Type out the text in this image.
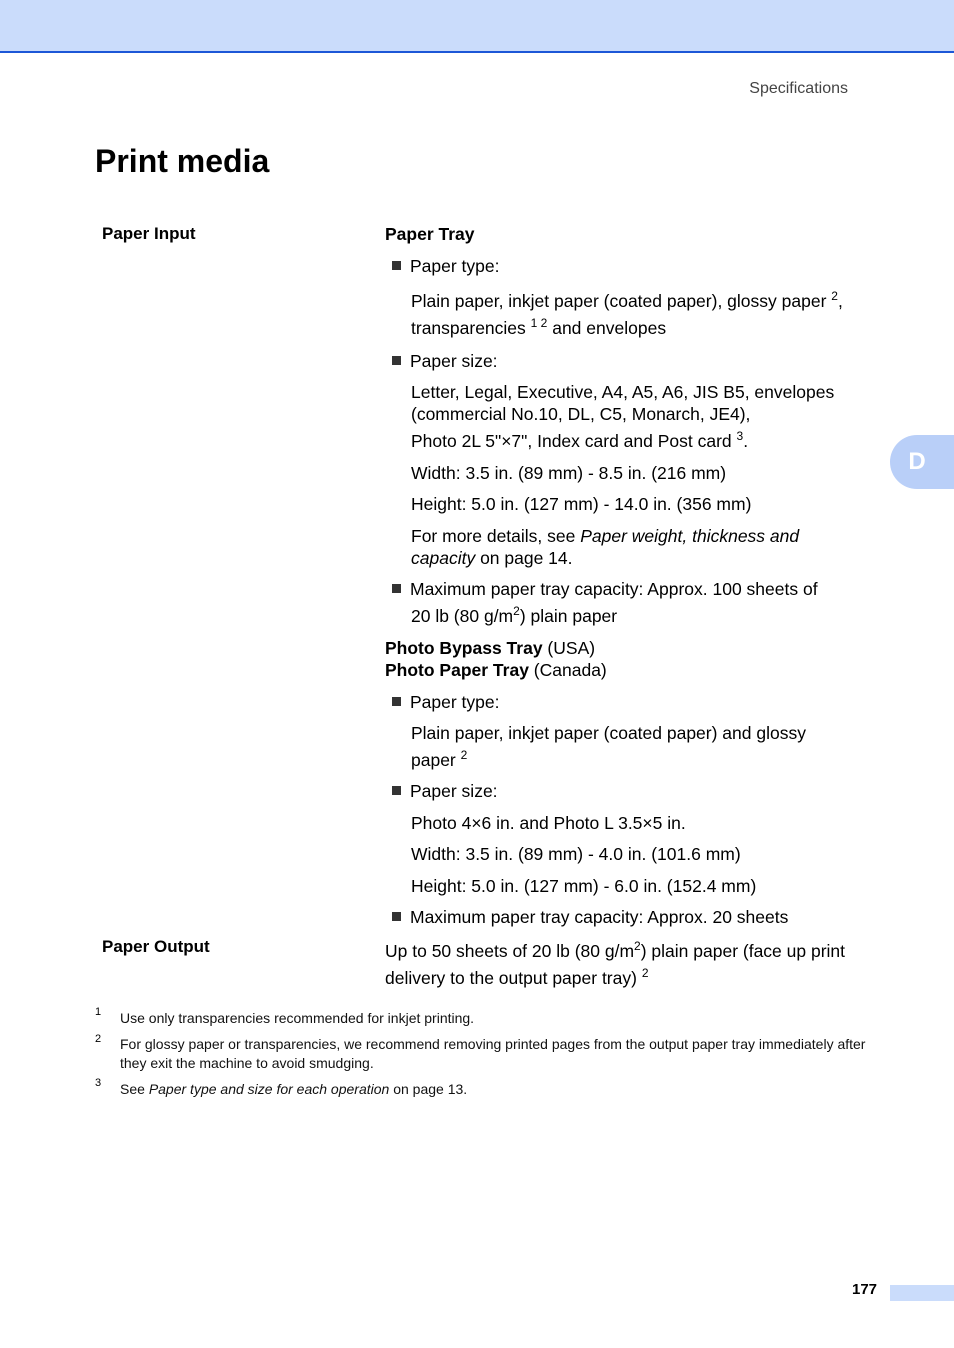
Specifications
Print media
D
Paper Input	Paper Tray
Paper type:
Plain paper, inkjet paper (coated paper), glossy paper $^2$,
transparencies $^{1 2}$ and envelopes
Paper size:
Letter, Legal, Executive, A4, A5, A6, JIS B5, envelopes
(commercial No.10, DL, C5, Monarch, JE4),
Photo 2L 5"×7", Index card and Post card $^3$.
Width: 3.5 in. (89 mm) - 8.5 in. (216 mm)
Height: 5.0 in. (127 mm) - 14.0 in. (356 mm)
For more details, see Paper weight, thickness and
capacity on page 14.
Maximum paper tray capacity: Approx. 100 sheets of
20 lb (80 $g/m^2$) plain paper
Photo Bypass Tray (USA)
Photo Paper Tray (Canada)
Paper type:
Plain paper, inkjet paper (coated paper) and glossy
paper $^2$
Paper size:
Photo 4×6 in. and Photo L 3.5×5 in.
Width: 3.5 in. (89 mm) - 4.0 in. (101.6 mm)
Height: 5.0 in. (127 mm) - 6.0 in. (152.4 mm)
Maximum paper tray capacity: Approx. 20 sheets
Paper Output	Up to 50 sheets of 20 lb (80 $g/m^2$) plain paper (face up print
delivery to the output paper tray) $^2$
1 Use only transparencies recommended for inkjet printing.
2 For glossy paper or transparencies, we recommend removing printed pages from the output paper tray immediately after they exit the machine to avoid smudging.
3 See Paper type and size for each operation on page 13.
177
